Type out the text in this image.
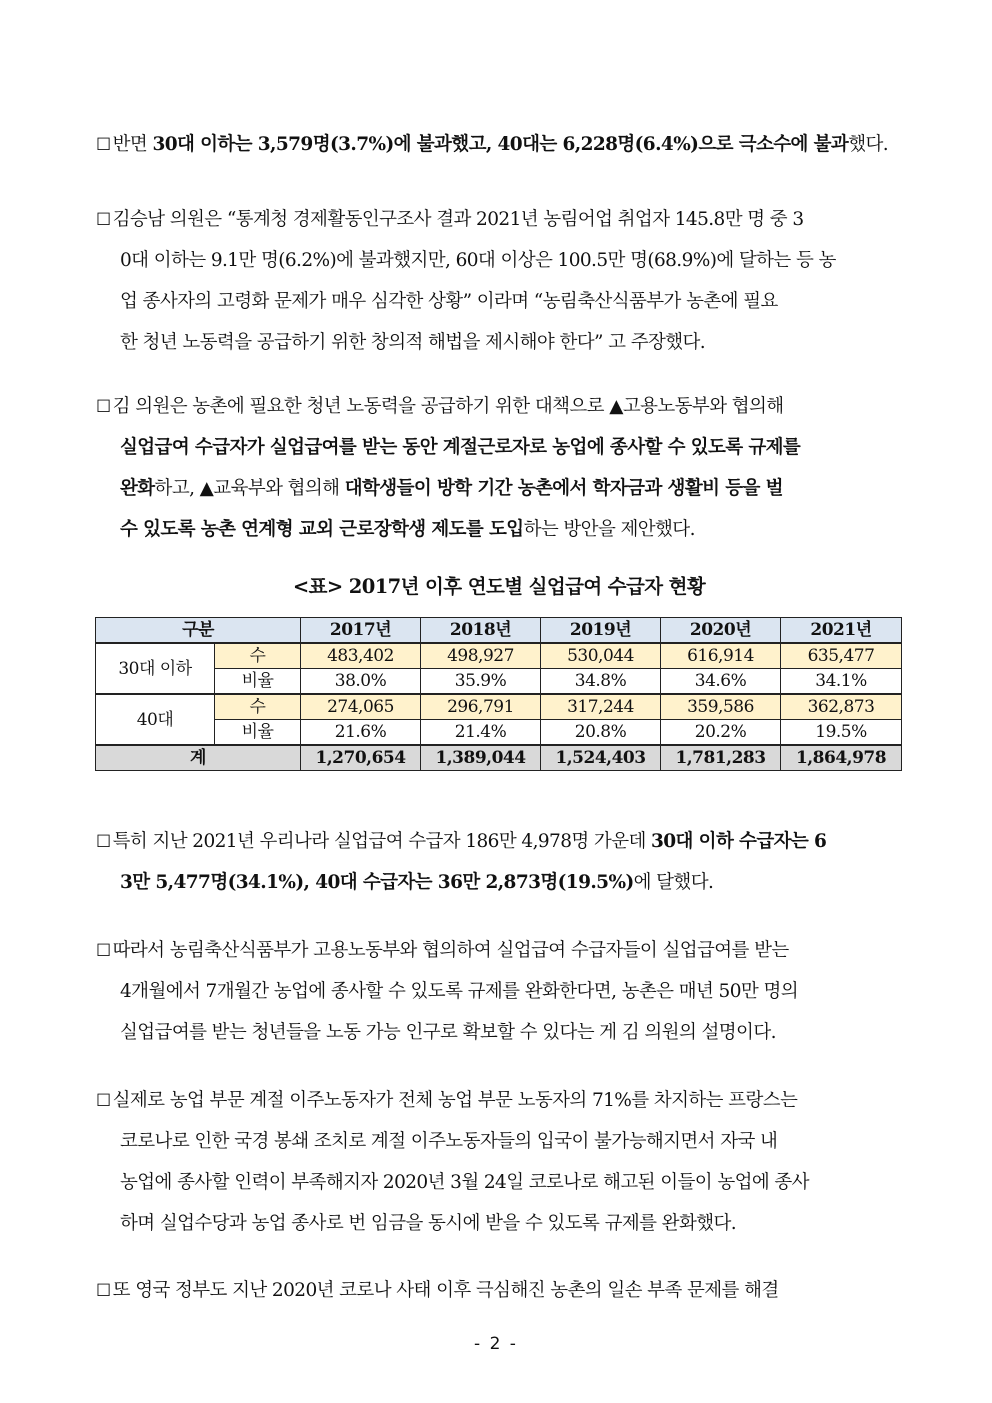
☐ 반면 30대 이하는 3,579명(3.7%)에 불과했고, 40대는 6,228명(6.4%)으로 극소수에 불과했다.
☐ 김승남 의원은 “통계청 경제활동인구조사 결과 2021년 농림어업 취업자 145.8만 명 중 3
0대 이하는 9.1만 명(6.2%)에 불과했지만, 60대 이상은 100.5만 명(68.9%)에 달하는 등 농
업 종사자의 고령화 문제가 매우 심각한 상황” 이라며 “농림축산식품부가 농촌에 필요
한 청년 노동력을 공급하기 위한 창의적 해법을 제시해야 한다” 고 주장했다.
☐ 김 의원은 농촌에 필요한 청년 노동력을 공급하기 위한 대책으로 ▲고용노동부와 협의해
실업급여 수급자가 실업급여를 받는 동안 계절근로자로 농업에 종사할 수 있도록 규제를
완화하고, ▲교육부와 협의해 대학생들이 방학 기간 농촌에서 학자금과 생활비 등을 벌
수 있도록 농촌 연계형 교외 근로장학생 제도를 도입하는 방안을 제안했다.
<표> 2017년 이후 연도별 실업급여 수급자 현황
구분		2017년	2018년	2019년	2020년	2021년
30대 이하	수	483,402	498,927	530,044	616,914	635,477
	비율	38.0%	35.9%	34.8%	34.6%	34.1%
40대	수	274,065	296,791	317,244	359,586	362,873
	비율	21.6%	21.4%	20.8%	20.2%	19.5%
계		1,270,654	1,389,044	1,524,403	1,781,283	1,864,978
☐ 특히 지난 2021년 우리나라 실업급여 수급자 186만 4,978명 가운데 30대 이하 수급자는 6
3만 5,477명(34.1%), 40대 수급자는 36만 2,873명(19.5%)에 달했다.
☐ 따라서 농림축산식품부가 고용노동부와 협의하여 실업급여 수급자들이 실업급여를 받는
4개월에서 7개월간 농업에 종사할 수 있도록 규제를 완화한다면, 농촌은 매년 50만 명의
실업급여를 받는 청년들을 노동 가능 인구로 확보할 수 있다는 게 김 의원의 설명이다.
☐ 실제로 농업 부문 계절 이주노동자가 전체 농업 부문 노동자의 71%를 차지하는 프랑스는
코로나로 인한 국경 봉쇄 조치로 계절 이주노동자들의 입국이 불가능해지면서 자국 내
농업에 종사할 인력이 부족해지자 2020년 3월 24일 코로나로 해고된 이들이 농업에 종사
하며 실업수당과 농업 종사로 번 임금을 동시에 받을 수 있도록 규제를 완화했다.
☐ 또 영국 정부도 지난 2020년 코로나 사태 이후 극심해진 농촌의 일손 부족 문제를 해결
- 2 -
